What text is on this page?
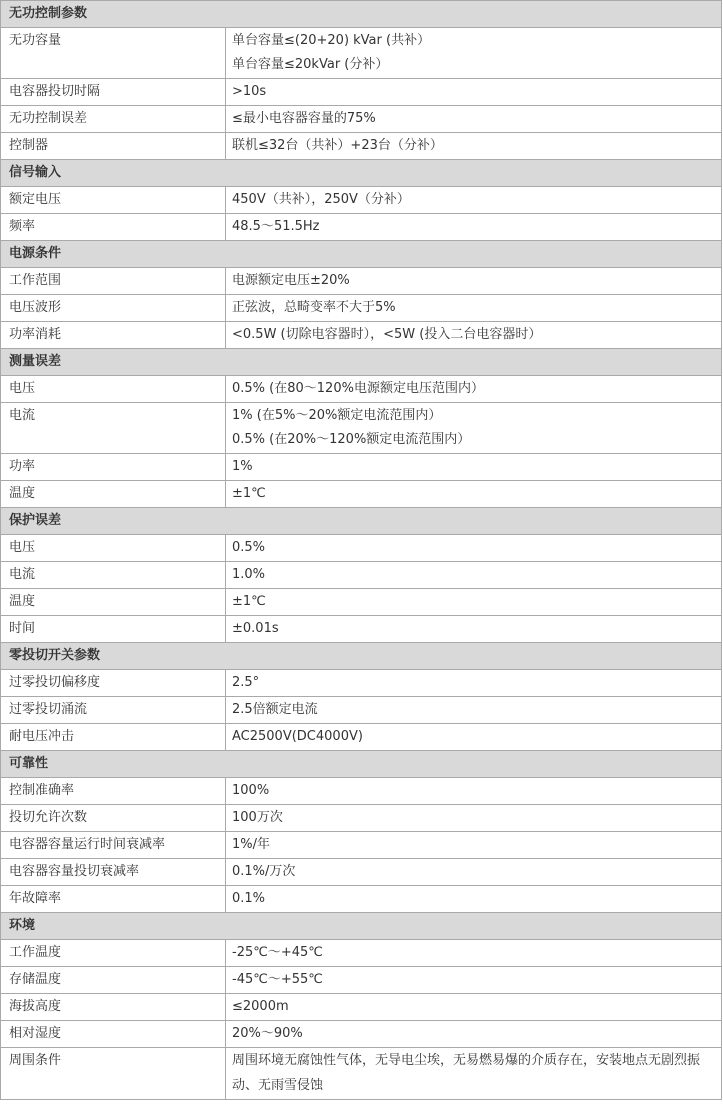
无功控制参数	
无功容量	单台容量≤(20+20) kVar (共补）
单台容量≤20kVar (分补）

电容器投切时隔	>10s

无功控制误差	≤最小电容器容量的75%

控制器	联机≤32台（共补）+23台（分补）

信号输入	
额定电压	450V（共补），250V（分补）

频率	48.5～51.5Hz

电源条件	
工作范围	电源额定电压±20%

电压波形	正弦波，总畸变率不大于5%

功率消耗	<0.5W (切除电容器时），<5W (投入二台电容器时）

测量误差	
电压	0.5% (在80～120%电源额定电压范围内）

电流	1% (在5%～20%额定电流范围内）
0.5% (在20%～120%额定电流范围内）

功率	1%

温度	±1℃

保护误差	
电压	0.5%

电流	1.0%

温度	±1℃

时间	±0.01s

零投切开关参数	
过零投切偏移度	2.5°

过零投切涌流	2.5倍额定电流

耐电压冲击	AC2500V(DC4000V)

可靠性	
控制准确率	100%

投切允许次数	100万次

电容器容量运行时间衰减率	1%/年

电容器容量投切衰减率	0.1%/万次

年故障率	0.1%

环境	
工作温度	-25℃～+45℃

存储温度	-45℃～+55℃

海拔高度	≤2000m

相对湿度	20%～90%

周围条件	周围环境无腐蚀性气体，无导电尘埃，无易燃易爆的介质存在，安装地点无剧烈振动、无雨雪侵蚀
